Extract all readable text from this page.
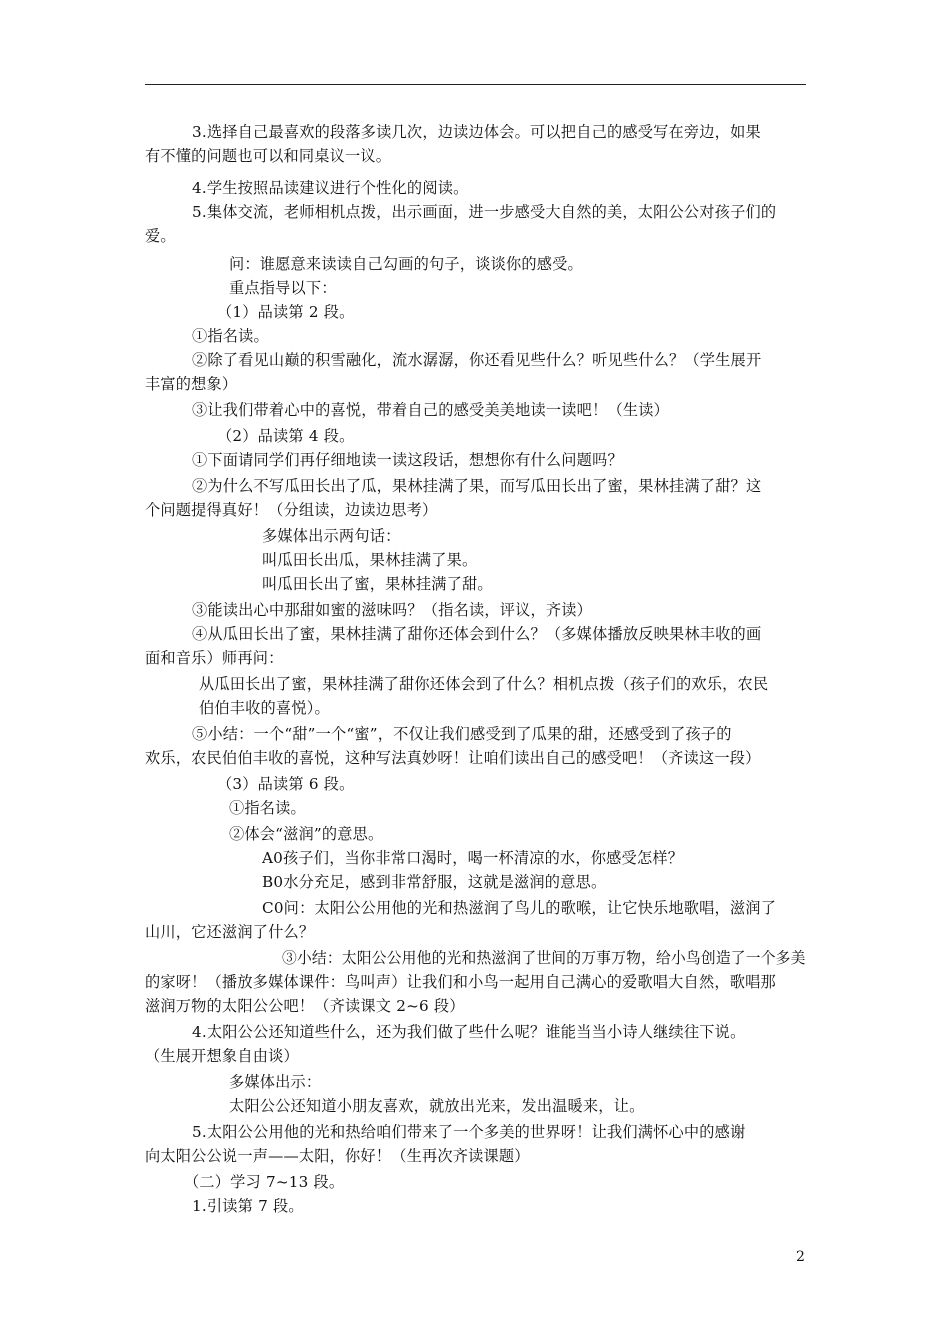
3.选择自己最喜欢的段落多读几次，边读边体会。可以把自己的感受写在旁边，如果
有不懂的问题也可以和同桌议一议。
4.学生按照品读建议进行个性化的阅读。
5.集体交流，老师相机点拨，出示画面，进一步感受大自然的美，太阳公公对孩子们的
爱。
问：谁愿意来读读自己勾画的句子，谈谈你的感受。
重点指导以下：
（1）品读第 2 段。
①指名读。
②除了看见山巅的积雪融化，流水潺潺，你还看见些什么？听见些什么？（学生展开
丰富的想象）
③让我们带着心中的喜悦，带着自己的感受美美地读一读吧！（生读）
（2）品读第 4 段。
①下面请同学们再仔细地读一读这段话，想想你有什么问题吗？
②为什么不写瓜田长出了瓜，果林挂满了果，而写瓜田长出了蜜，果林挂满了甜？这
个问题提得真好！（分组读，边读边思考）
多媒体出示两句话：
叫瓜田长出瓜，果林挂满了果。
叫瓜田长出了蜜，果林挂满了甜。
③能读出心中那甜如蜜的滋味吗？（指名读，评议，齐读）
④从瓜田长出了蜜，果林挂满了甜你还体会到什么？（多媒体播放反映果林丰收的画
面和音乐）师再问：
从瓜田长出了蜜，果林挂满了甜你还体会到了什么？相机点拨（孩子们的欢乐，农民
伯伯丰收的喜悦）。
⑤小结：一个“甜”一个“蜜”，不仅让我们感受到了瓜果的甜，还感受到了孩子的
欢乐，农民伯伯丰收的喜悦，这种写法真妙呀！让咱们读出自己的感受吧！（齐读这一段）
（3）品读第 6 段。
①指名读。
②体会“滋润”的意思。
A0孩子们，当你非常口渴时，喝一杯清凉的水，你感受怎样？
B0水分充足，感到非常舒服，这就是滋润的意思。
C0问：太阳公公用他的光和热滋润了鸟儿的歌喉，让它快乐地歌唱，滋润了
山川，它还滋润了什么？
③小结：太阳公公用他的光和热滋润了世间的万事万物，给小鸟创造了一个多美
的家呀！（播放多媒体课件：鸟叫声）让我们和小鸟一起用自己满心的爱歌唱大自然，歌唱那
滋润万物的太阳公公吧！（齐读课文 2~6 段）
4.太阳公公还知道些什么，还为我们做了些什么呢？谁能当当小诗人继续往下说。
（生展开想象自由谈）
多媒体出示：
太阳公公还知道小朋友喜欢，就放出光来，发出温暖来，让。
5.太阳公公用他的光和热给咱们带来了一个多美的世界呀！让我们满怀心中的感谢
向太阳公公说一声——太阳，你好！（生再次齐读课题）
（二）学习 7~13 段。
1.引读第 7 段。
2
